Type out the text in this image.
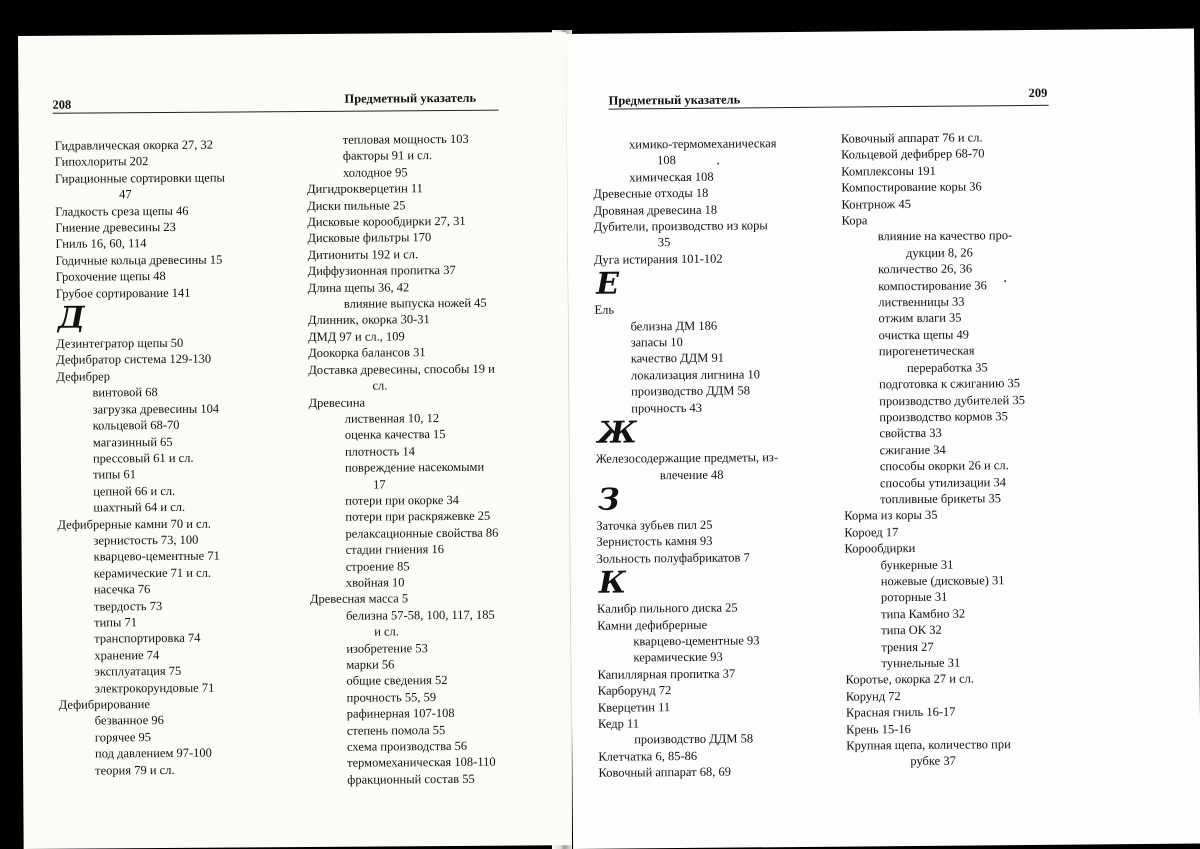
208	Предметный указатель
Гидравлическая окорка 27, 32
Гипохлориты 202
Гирационные сортировки щепы
47
Гладкость среза щепы 46
Гниение древесины 23
Гниль 16, 60, 114
Годичные кольца древесины 15
Грохочение щепы 48
Грубое сортирование 141
Д
Дезинтегратор щепы 50
Дефибратор система 129-130
Дефибрер
винтовой 68
загрузка древесины 104
кольцевой 68-70
магазинный 65
прессовый 61 и сл.
типы 61
цепной 66 и сл.
шахтный 64 и сл.
Дефибрерные камни 70 и сл.
зернистость 73, 100
кварцево-цементные 71
керамические 71 и сл.
насечка 76
твердость 73
типы 71
транспортировка 74
хранение 74
эксплуатация 75
электрокорундовые 71
Дефибрирование
безванное 96
горячее 95
под давлением 97-100
теория 79 и сл.
тепловая мощность 103
факторы 91 и сл.
холодное 95
Дигидрокверцетин 11
Диски пильные 25
Дисковые корообдирки 27, 31
Дисковые фильтры 170
Дитиониты 192 и сл.
Диффузионная пропитка 37
Длина щепы 36, 42
влияние выпуска ножей 45
Длинник, окорка 30-31
ДМД 97 и сл., 109
Доокорка балансов 31
Доставка древесины, способы 19 и
сл.
Древесина
лиственная 10, 12
оценка качества 15
плотность 14
повреждение насекомыми
17
потери при окорке 34
потери при раскряжевке 25
релаксационные свойства 86
стадии гниения 16
строение 85
хвойная 10
Древесная масса 5
белизна 57-58, 100, 117, 185
и сл.
изобретение 53
марки 56
общие сведения 52
прочность 55, 59
рафинерная 107-108
степень помола 55
схема производства 56
термомеханическая 108-110
фракционный состав 55
Предметный указатель	209
химико-термомеханическая
108
химическая 108
Древесные отходы 18
Дровяная древесина 18
Дубители, производство из коры
35
Дуга истирания 101-102
Е
Ель
белизна ДМ 186
запасы 10
качество ДДМ 91
локализация лигнина 10
производство ДДМ 58
прочность 43
Ж
Железосодержащие предметы, из-
влечение 48
З
Заточка зубьев пил 25
Зернистость камня 93
Зольность полуфабрикатов 7
К
Калибр пильного диска 25
Камни дефибрерные
кварцево-цементные 93
керамические 93
Капиллярная пропитка 37
Карборунд 72
Кверцетин 11
Кедр 11
производство ДДМ 58
Клетчатка 6, 85-86
Ковочный аппарат 68, 69
Ковочный аппарат 76 и сл.
Кольцевой дефибрер 68-70
Комплексоны 191
Компостирование коры 36
Контрнож 45
Кора
влияние на качество про-
дукции 8, 26
количество 26, 36
компостирование 36
лиственницы 33
отжим влаги 35
очистка щепы 49
пирогенетическая
переработка 35
подготовка к сжиганию 35
производство дубителей 35
производство кормов 35
свойства 33
сжигание 34
способы окорки 26 и сл.
способы утилизации 34
топливные брикеты 35
Корма из коры 35
Короед 17
Корообдирки
бункерные 31
ножевые (дисковые) 31
роторные 31
типа Камбио 32
типа ОК 32
трения 27
туннельные 31
Коротье, окорка 27 и сл.
Корунд 72
Красная гниль 16-17
Крень 15-16
Крупная щепа, количество при
рубке 37
